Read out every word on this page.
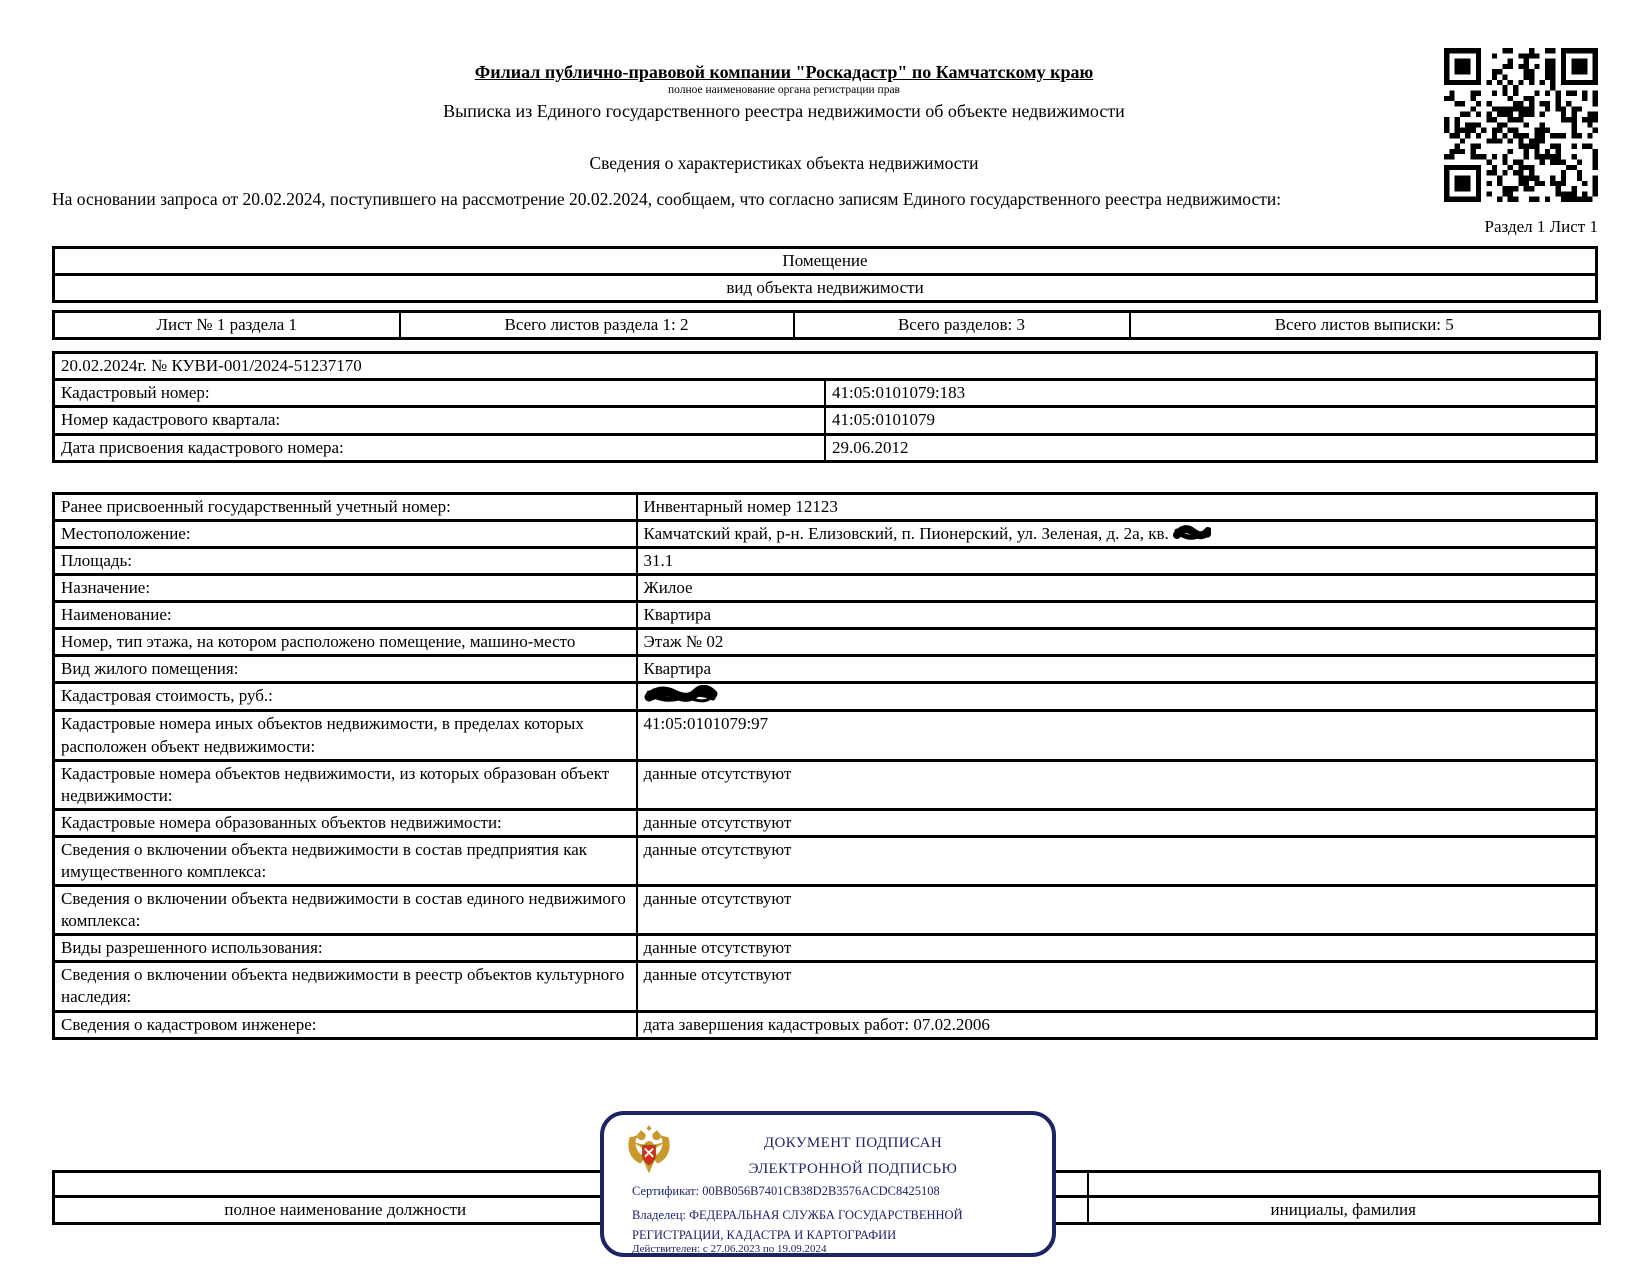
Филиал публично-правовой компании "Роскадастр" по Камчатскому краю
полное наименование органа регистрации прав
Выписка из Единого государственного реестра недвижимости об объекте недвижимости
Сведения о характеристиках объекта недвижимости
На основании запроса от 20.02.2024, поступившего на рассмотрение 20.02.2024, сообщаем, что согласно записям Единого государственного реестра недвижимости:
Раздел 1 Лист 1
Помещение
вид объекта недвижимости
Лист № 1 раздела 1	Всего листов раздела 1: 2	Всего разделов: 3	Всего листов выписки: 5
20.02.2024г. № КУВИ-001/2024-51237170	
Кадастровый номер:	41:05:0101079:183
Номер кадастрового квартала:	41:05:0101079
Дата присвоения кадастрового номера:	29.06.2012
Ранее присвоенный государственный учетный номер:	Инвентарный номер 12123
Местоположение:	Камчатский край, р-н. Елизовский, п. Пионерский, ул. Зеленая, д. 2а, кв.
Площадь:	31.1
Назначение:	Жилое
Наименование:	Квартира
Номер, тип этажа, на котором расположено помещение, машино-место	Этаж № 02
Вид жилого помещения:	Квартира
Кадастровая стоимость, руб.:	
Кадастровые номера иных объектов недвижимости, в пределах которых расположен объект недвижимости:	41:05:0101079:97
Кадастровые номера объектов недвижимости, из которых образован объект недвижимости:	данные отсутствуют
Кадастровые номера образованных объектов недвижимости:	данные отсутствуют
Сведения о включении объекта недвижимости в состав предприятия как имущественного комплекса:	данные отсутствуют
Сведения о включении объекта недвижимости в состав единого недвижимого комплекса:	данные отсутствуют
Виды разрешенного использования:	данные отсутствуют
Сведения о включении объекта недвижимости в реестр объектов культурного наследия:	данные отсутствуют
Сведения о кадастровом инженере:	дата завершения кадастровых работ: 07.02.2006

полное наименование должности		инициалы, фамилия
ДОКУМЕНТ ПОДПИСАН
ЭЛЕКТРОННОЙ ПОДПИСЬЮ
Сертификат: 00BB056B7401CB38D2B3576ACDC8425108
Владелец: ФЕДЕРАЛЬНАЯ СЛУЖБА ГОСУДАРСТВЕННОЙ РЕГИСТРАЦИИ, КАДАСТРА И КАРТОГРАФИИ
Действителен: с 27.06.2023 по 19.09.2024
